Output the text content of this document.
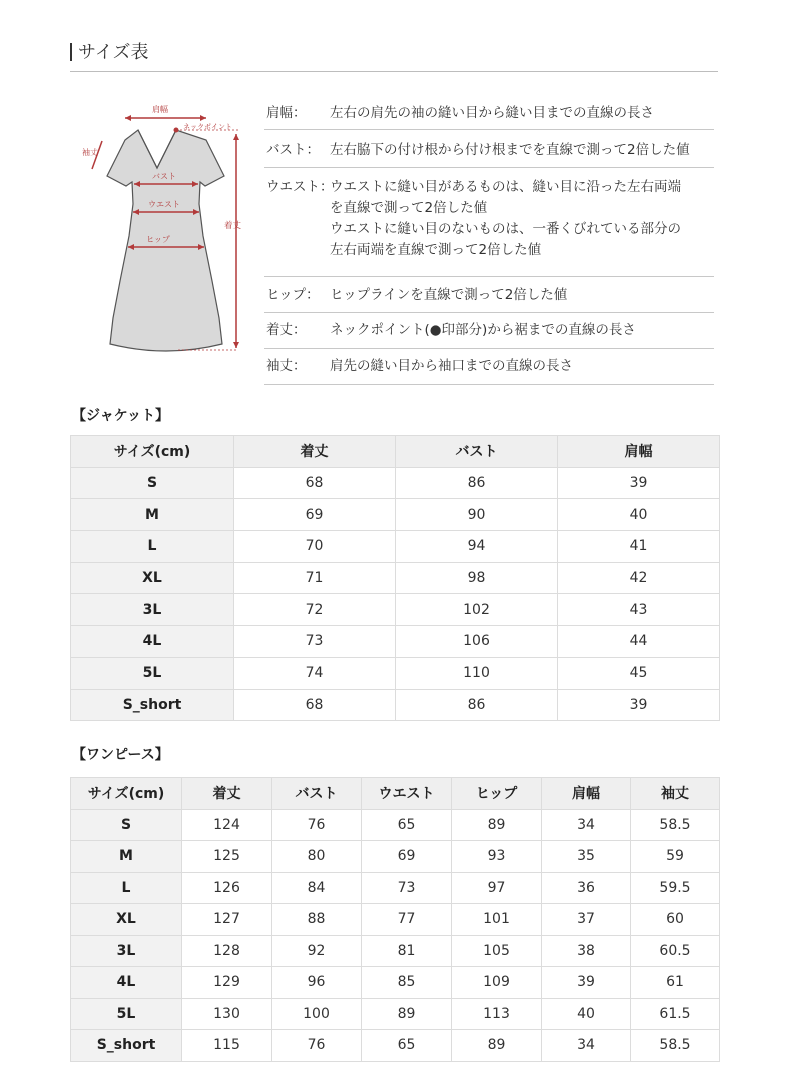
サイズ表
肩幅
ネックポイント
袖丈
バスト
ウエスト
ヒップ
着丈
肩幅： 左右の肩先の袖の縫い目から縫い目までの直線の長さ
バスト： 左右脇下の付け根から付け根までを直線で測って2倍した値
ウエスト：
ウエストに縫い目があるものは、縫い目に沿った左右両端
を直線で測って2倍した値
ウエストに縫い目のないものは、一番くびれている部分の
左右両端を直線で測って2倍した値
ヒップ： ヒップラインを直線で測って2倍した値
着丈： ネックポイント(●印部分)から裾までの直線の長さ
袖丈： 肩先の縫い目から袖口までの直線の長さ
【ジャケット】
サイズ(cm)	着丈	バスト	肩幅
S	68	86	39
M	69	90	40
L	70	94	41
XL	71	98	42
3L	72	102	43
4L	73	106	44
5L	74	110	45
S_short	68	86	39
【ワンピース】
サイズ(cm)	着丈	バスト	ウエスト	ヒップ	肩幅	袖丈
S	124	76	65	89	34	58.5
M	125	80	69	93	35	59
L	126	84	73	97	36	59.5
XL	127	88	77	101	37	60
3L	128	92	81	105	38	60.5
4L	129	96	85	109	39	61
5L	130	100	89	113	40	61.5
S_short	115	76	65	89	34	58.5
